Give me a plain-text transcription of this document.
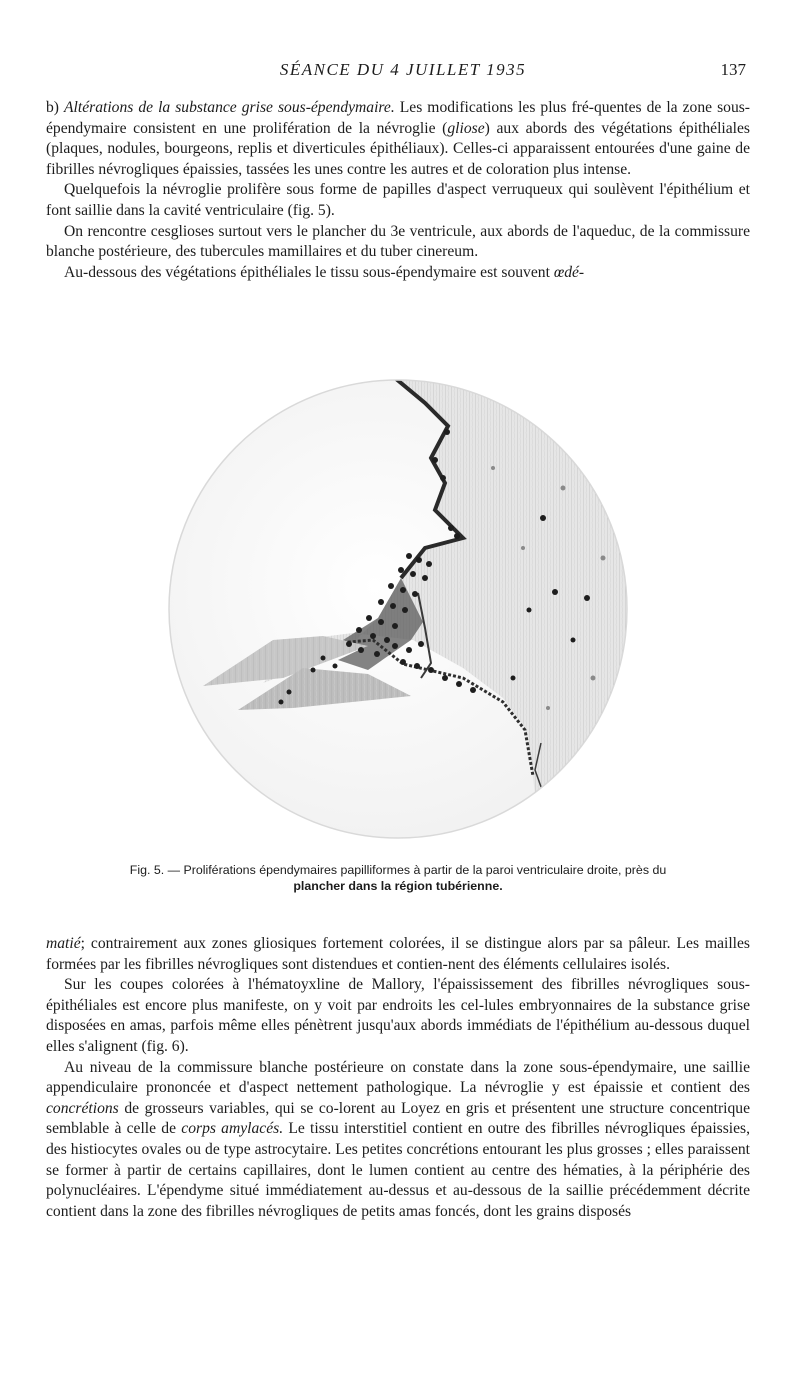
SÉANCE DU 4 JUILLET 1935	137

b) Altérations de la substance grise sous-épendymaire. Les modifications les plus fré-quentes de la zone sous-épendymaire consistent en une prolifération de la névroglie (gliose) aux abords des végétations épithéliales (plaques, nodules, bourgeons, replis et diverticules épithéliaux). Celles-ci apparaissent entourées d'une gaine de fibrilles névrogliques épaissies, tassées les unes contre les autres et de coloration plus intense.

Quelquefois la névroglie prolifère sous forme de papilles d'aspect verruqueux qui soulèvent l'épithélium et font saillie dans la cavité ventriculaire (fig. 5).

On rencontre cesglioses surtout vers le plancher du 3e ventricule, aux abords de l'aqueduc, de la commissure blanche postérieure, des tubercules mamillaires et du tuber cinereum.

Au-dessous des végétations épithéliales le tissu sous-épendymaire est souvent œdé-

Fig. 5. — Proliférations épendymaires papilliformes à partir de la paroi ventriculaire droite, près du
plancher dans la région tubérienne.

matié; contrairement aux zones gliosiques fortement colorées, il se distingue alors par sa pâleur. Les mailles formées par les fibrilles névrogliques sont distendues et contien-nent des éléments cellulaires isolés.

Sur les coupes colorées à l'hématoyxline de Mallory, l'épaississement des fibrilles névrogliques sous-épithéliales est encore plus manifeste, on y voit par endroits les cel-lules embryonnaires de la substance grise disposées en amas, parfois même elles pénètrent jusqu'aux abords immédiats de l'épithélium au-dessous duquel elles s'alignent (fig. 6).

Au niveau de la commissure blanche postérieure on constate dans la zone sous-épendymaire, une saillie appendiculaire prononcée et d'aspect nettement pathologique. La névroglie y est épaissie et contient des concrétions de grosseurs variables, qui se co-lorent au Loyez en gris et présentent une structure concentrique semblable à celle de corps amylacés. Le tissu interstitiel contient en outre des fibrilles névrogliques épaissies, des histiocytes ovales ou de type astrocytaire. Les petites concrétions entourant les plus grosses ; elles paraissent se former à partir de certains capillaires, dont le lumen contient au centre des hématies, à la périphérie des polynucléaires. L'épendyme situé immédiatement au-dessus et au-dessous de la saillie précédemment décrite contient dans la zone des fibrilles névrogliques de petits amas foncés, dont les grains disposés
